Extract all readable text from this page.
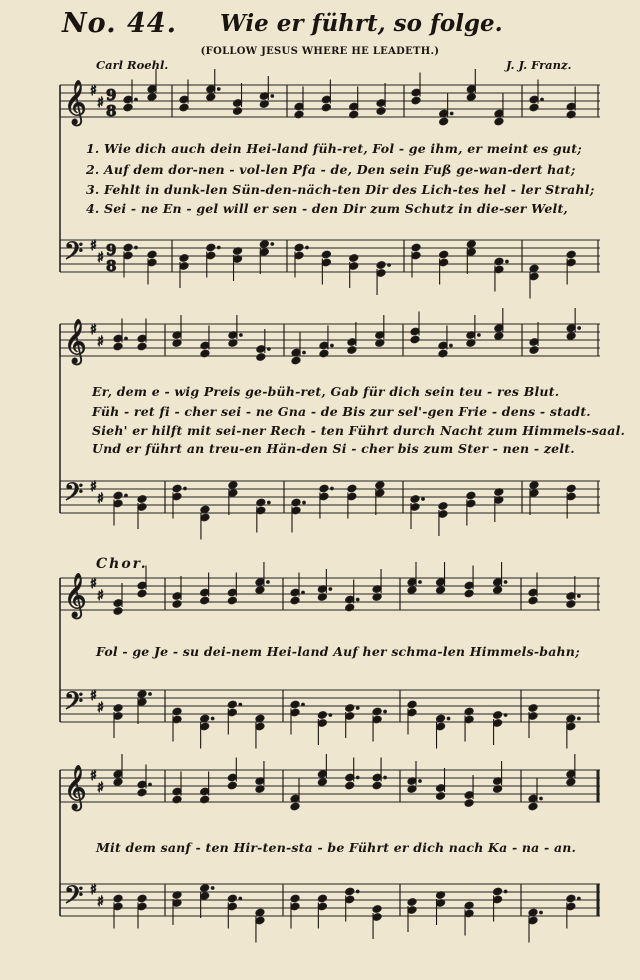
No. 44. Wie er führt, so folge.
(FOLLOW JESUS WHERE HE LEADETH.)
Carl Roehl.	J. J. Franz.
𝄞 ♯
♯ 9
8
𝄢 ♯
♯ 9
8
𝄞 ♯
♯
𝄢 ♯
♯
𝄞 ♯
♯
𝄢 ♯
♯
𝄞 ♯
♯
𝄢 ♯
♯
1. Wie dich auch dein Hei-land füh-ret, Fol - ge ihm, er meint es gut;
2. Auf dem dor-nen - vol-len Pfa - de, Den sein Fuß ge-wan-dert hat;
3. Fehlt in dunk-len Sün-den-näch-ten Dir des Lich-tes hel - ler Strahl;
4. Sei - ne En - gel will er sen - den Dir zum Schutz in die-ser Welt,
Er, dem e - wig Preis ge-büh-ret, Gab für dich sein teu - res Blut.
Füh - ret fi - cher sei - ne Gna - de Bis zur sel'-gen Frie - dens - stadt.
Sieh' er hilft mit sei-ner Rech - ten Führt durch Nacht zum Himmels-saal.
Und er führt an treu-en Hän-den Si - cher bis zum Ster - nen - zelt.
Chor.
Fol - ge Je - su dei-nem Hei-land Auf her schma-len Himmels-bahn;
Mit dem sanf - ten Hir-ten-sta - be Führt er dich nach Ka - na - an.
